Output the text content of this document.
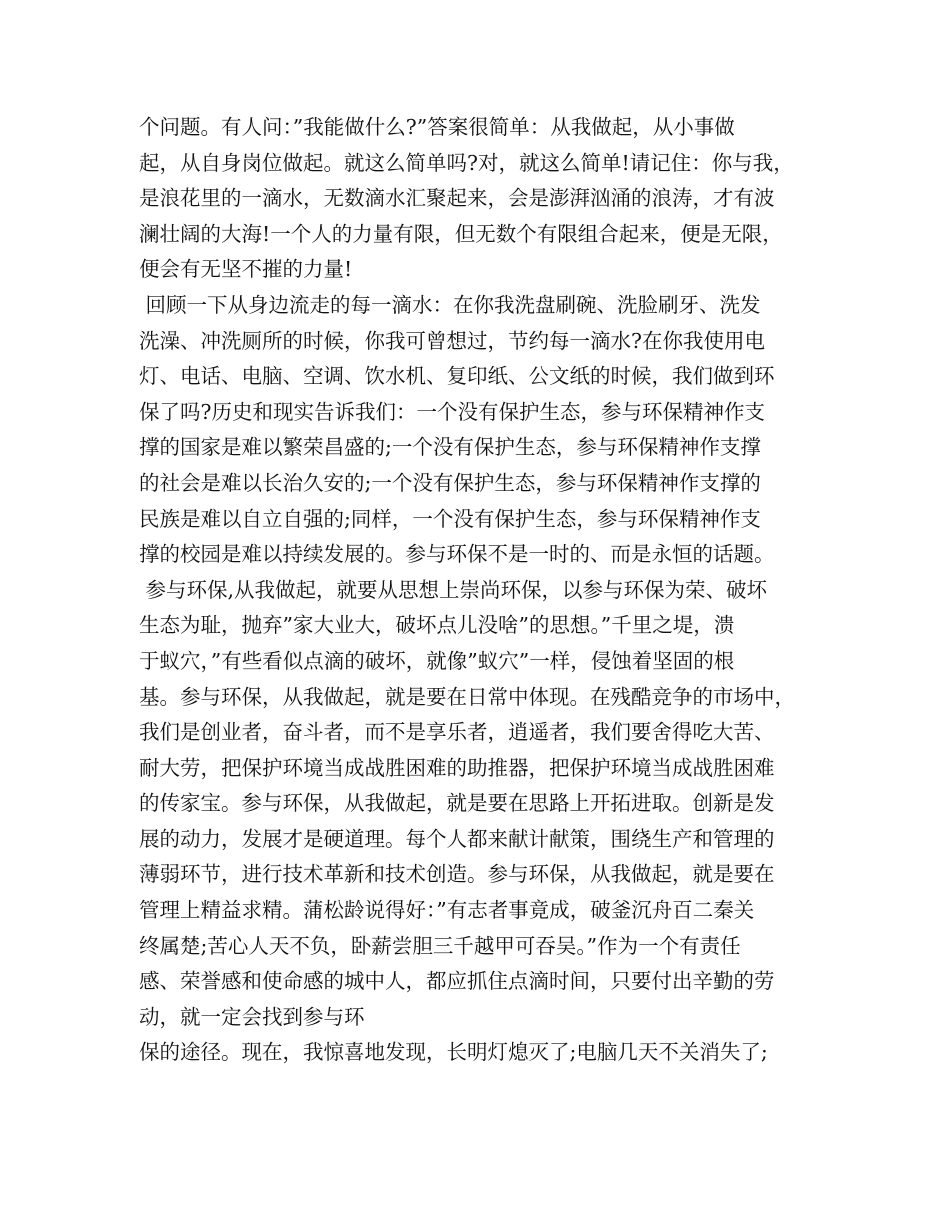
个问题。有人问：”我能做什么?”答案很简单：从我做起，从小事做
起，从自身岗位做起。就这么简单吗?对，就这么简单!请记住：你与我，
是浪花里的一滴水，无数滴水汇聚起来，会是澎湃汹涌的浪涛，才有波
澜壮阔的大海!一个人的力量有限，但无数个有限组合起来，便是无限，
便会有无坚不摧的力量!
回顾一下从身边流走的每一滴水：在你我洗盘刷碗、洗脸刷牙、洗发
洗澡、冲洗厕所的时候，你我可曾想过，节约每一滴水?在你我使用电
灯、电话、电脑、空调、饮水机、复印纸、公文纸的时候，我们做到环
保了吗?历史和现实告诉我们：一个没有保护生态，参与环保精神作支
撑的国家是难以繁荣昌盛的;一个没有保护生态，参与环保精神作支撑
的社会是难以长治久安的;一个没有保护生态，参与环保精神作支撑的
民族是难以自立自强的;同样，一个没有保护生态，参与环保精神作支
撑的校园是难以持续发展的。参与环保不是一时的、而是永恒的话题。
参与环保,从我做起，就要从思想上崇尚环保，以参与环保为荣、破坏
生态为耻，抛弃”家大业大，破坏点儿没啥”的思想。”千里之堤，溃
于蚁穴，”有些看似点滴的破坏，就像”蚁穴”一样，侵蚀着坚固的根
基。参与环保，从我做起，就是要在日常中体现。在残酷竞争的市场中，
我们是创业者，奋斗者，而不是享乐者，逍遥者，我们要舍得吃大苦、
耐大劳，把保护环境当成战胜困难的助推器，把保护环境当成战胜困难
的传家宝。参与环保，从我做起，就是要在思路上开拓进取。创新是发
展的动力，发展才是硬道理。每个人都来献计献策，围绕生产和管理的
薄弱环节，进行技术革新和技术创造。参与环保，从我做起，就是要在
管理上精益求精。蒲松龄说得好：”有志者事竟成，破釜沉舟百二秦关
终属楚;苦心人天不负，卧薪尝胆三千越甲可吞吴。”作为一个有责任
感、荣誉感和使命感的城中人，都应抓住点滴时间，只要付出辛勤的劳
动，就一定会找到参与环
保的途径。现在，我惊喜地发现，长明灯熄灭了;电脑几天不关消失了;
